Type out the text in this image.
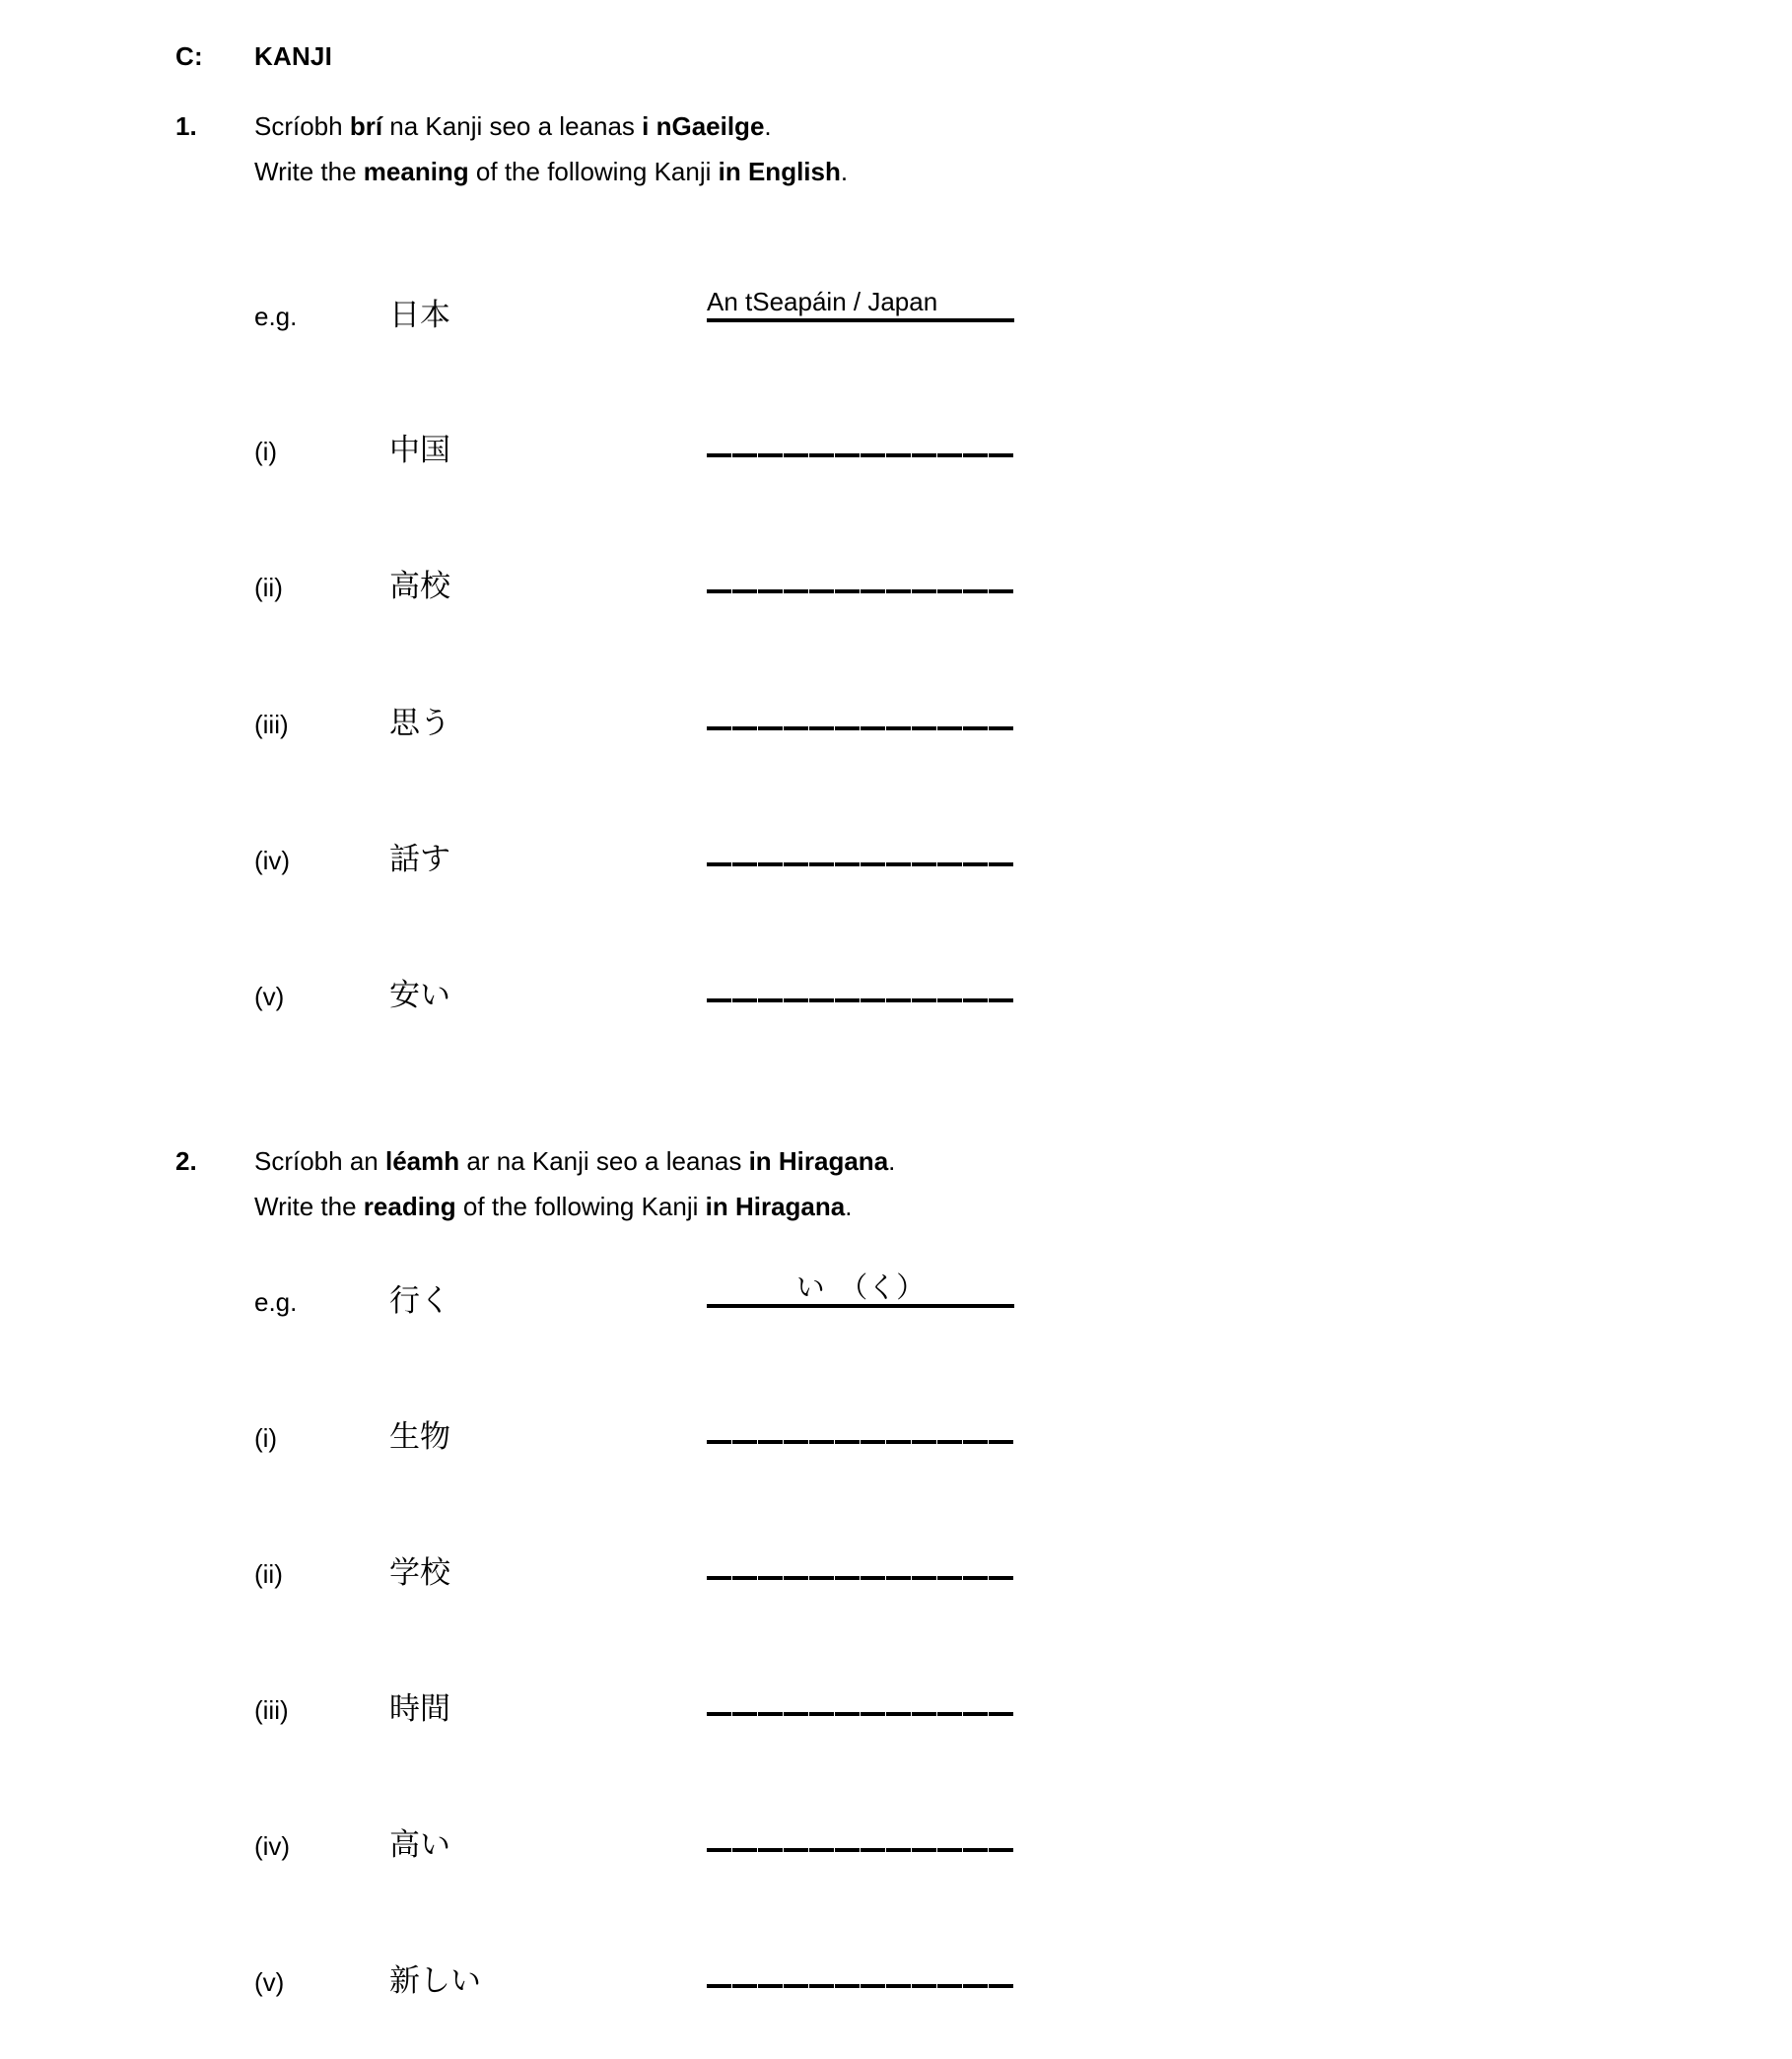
C:	KANJI
1.	Scríobh brí na Kanji seo a leanas i nGaeilge.
Write the meaning of the following Kanji in English.
e.g.	日本	An tSeapáin / Japan
(i)	中国
(ii)	高校
(iii)	思う
(iv)	話す
(v)	安い
2.	Scríobh an léamh ar na Kanji seo a leanas in Hiragana.
Write the reading of the following Kanji in Hiragana.
e.g.	行く	い　（く）
(i)	生物
(ii)	学校
(iii)	時間
(iv)	高い
(v)	新しい
